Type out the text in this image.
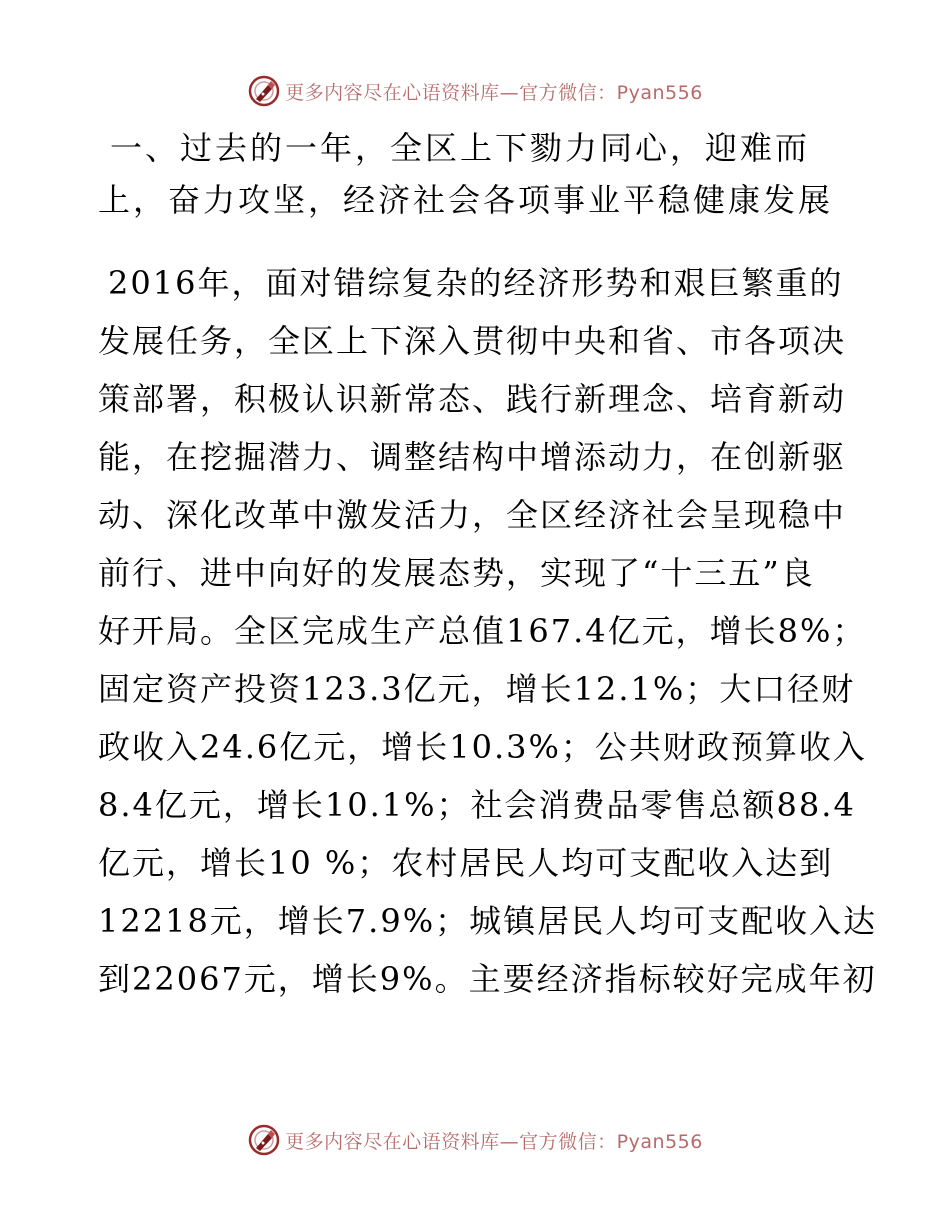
更多内容尽在心语资料库—官方微信：Pyan556
一、过去的一年，全区上下勠力同心，迎难而
上，奋力攻坚，经济社会各项事业平稳健康发展
2016年，面对错综复杂的经济形势和艰巨繁重的
发展任务，全区上下深入贯彻中央和省、市各项决
策部署，积极认识新常态、践行新理念、培育新动
能，在挖掘潜力、调整结构中增添动力，在创新驱
动、深化改革中激发活力，全区经济社会呈现稳中
前行、进中向好的发展态势，实现了“十三五”良
好开局。全区完成生产总值167.4亿元，增长8%；
固定资产投资123.3亿元，增长12.1%；大口径财
政收入24.6亿元，增长10.3%；公共财政预算收入
8.4亿元，增长10.1%；社会消费品零售总额88.4
亿元，增长10 %；农村居民人均可支配收入达到
12218元，增长7.9%；城镇居民人均可支配收入达
到22067元，增长9%。主要经济指标较好完成年初
更多内容尽在心语资料库—官方微信：Pyan556
